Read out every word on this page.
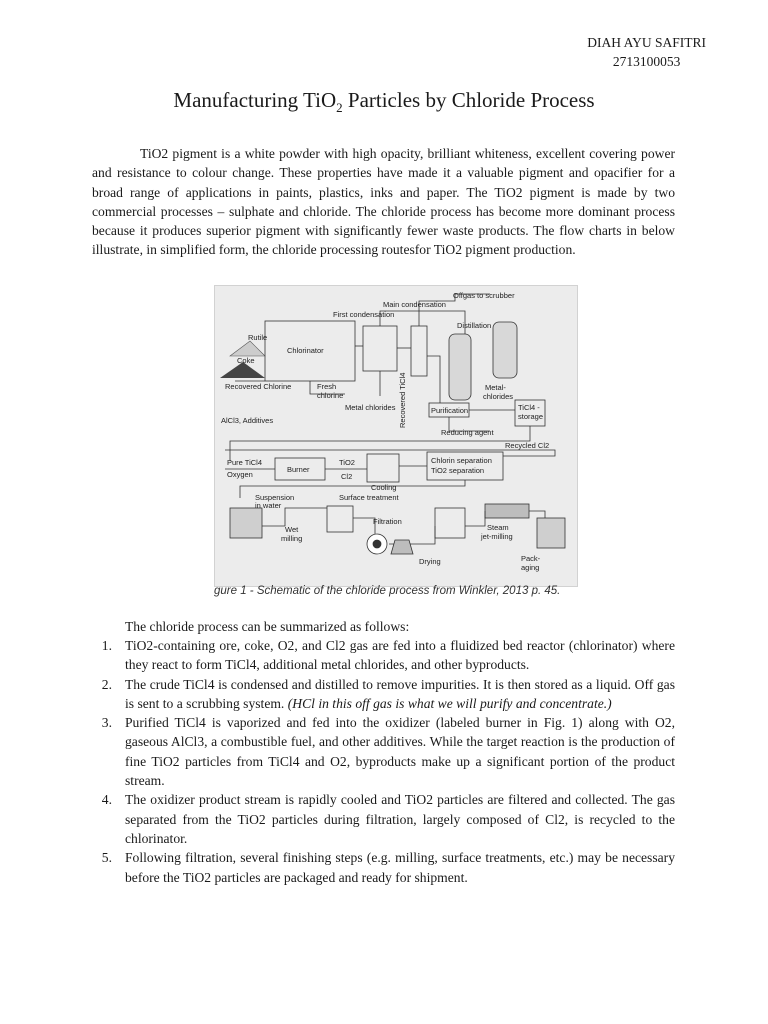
DIAH AYU SAFITRI
2713100053
Manufacturing TiO$_2$ Particles by Chloride Process

TiO2 pigment is a white powder with high opacity, brilliant whiteness, excellent covering power and resistance to colour change. These properties have made it a valuable pigment and opacifier for a broad range of applications in paints, plastics, inks and paper. The TiO2 pigment is made by two commercial processes – sulphate and chloride. The chloride process has become more dominant process because it produces superior pigment with significantly fewer waste products. The flow charts in below illustrate, in simplified form, the chloride processing routesfor TiO2 pigment production.

Rutile
Coke
Chlorinator
First condensation
Main condensation
Offgas to scrubber
Distillation
Recovered TiCl4
Recovered Chlorine	Fresh
chlorine
Metal chlorides
Metal-
chlorides
Purification	TiCl4 -
storage
Reducing agent
AlCl3, Additives
Recycled Cl2
Pure TiCl4
Oxygen
Burner
TiO2
Cl2
Cooling
Chlorin separation
TiO2 separation
Suspension
in water
Surface treatment
Wet
milling
Filtration
Drying
Steam
jet-milling
Pack-
aging
gure 1 - Schematic of the chloride process from Winkler, 2013 p. 45.
The chloride process can be summarized as follows:
1. TiO2-containing ore, coke, O2, and Cl2 gas are fed into a fluidized bed reactor (chlorinator) where they react to form TiCl4, additional metal chlorides, and other byproducts.
2. The crude TiCl4 is condensed and distilled to remove impurities. It is then stored as a liquid. Off gas is sent to a scrubbing system. (HCl in this off gas is what we will purify and concentrate.)
3. Purified TiCl4 is vaporized and fed into the oxidizer (labeled burner in Fig. 1) along with O2, gaseous AlCl3, a combustible fuel, and other additives. While the target reaction is the production of fine TiO2 particles from TiCl4 and O2, byproducts make up a significant portion of the product stream.
4. The oxidizer product stream is rapidly cooled and TiO2 particles are filtered and collected. The gas separated from the TiO2 particles during filtration, largely composed of Cl2, is recycled to the chlorinator.
5. Following filtration, several finishing steps (e.g. milling, surface treatments, etc.) may be necessary before the TiO2 particles are packaged and ready for shipment.
